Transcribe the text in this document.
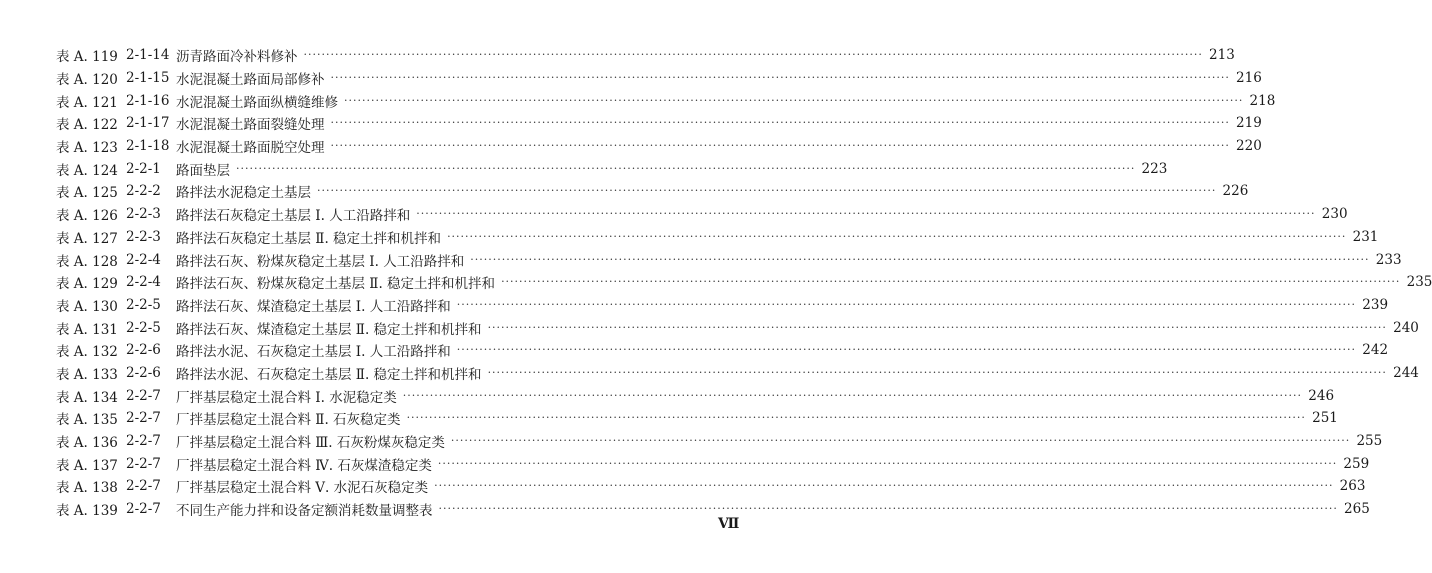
表 A. 119 2-1-14 沥青路面冷补料修补 ········································································································································································································ 213
表 A. 120 2-1-15 水泥混凝土路面局部修补 ········································································································································································································ 216
表 A. 121 2-1-16 水泥混凝土路面纵横缝维修 ········································································································································································································ 218
表 A. 122 2-1-17 水泥混凝土路面裂缝处理 ········································································································································································································ 219
表 A. 123 2-1-18 水泥混凝土路面脱空处理 ········································································································································································································ 220
表 A. 124 2-2-1	路面垫层 ········································································································································································································ 223
表 A. 125 2-2-2	路拌法水泥稳定土基层 ········································································································································································································ 226
表 A. 126 2-2-3	路拌法石灰稳定土基层 Ⅰ. 人工沿路拌和 ········································································································································································································ 230
表 A. 127 2-2-3	路拌法石灰稳定土基层 Ⅱ. 稳定土拌和机拌和 ········································································································································································································ 231
表 A. 128 2-2-4	路拌法石灰、粉煤灰稳定土基层 Ⅰ. 人工沿路拌和 ········································································································································································································ 233
表 A. 129 2-2-4	路拌法石灰、粉煤灰稳定土基层 Ⅱ. 稳定土拌和机拌和 ········································································································································································································ 235
表 A. 130 2-2-5	路拌法石灰、煤渣稳定土基层 Ⅰ. 人工沿路拌和 ········································································································································································································ 239
表 A. 131 2-2-5	路拌法石灰、煤渣稳定土基层 Ⅱ. 稳定土拌和机拌和 ········································································································································································································ 240
表 A. 132 2-2-6	路拌法水泥、石灰稳定土基层 Ⅰ. 人工沿路拌和 ········································································································································································································ 242
表 A. 133 2-2-6	路拌法水泥、石灰稳定土基层 Ⅱ. 稳定土拌和机拌和 ········································································································································································································ 244
表 A. 134 2-2-7	厂拌基层稳定土混合料 Ⅰ. 水泥稳定类 ········································································································································································································ 246
表 A. 135 2-2-7	厂拌基层稳定土混合料 Ⅱ. 石灰稳定类 ········································································································································································································ 251
表 A. 136 2-2-7	厂拌基层稳定土混合料 Ⅲ. 石灰粉煤灰稳定类 ········································································································································································································ 255
表 A. 137 2-2-7	厂拌基层稳定土混合料 Ⅳ. 石灰煤渣稳定类 ········································································································································································································ 259
表 A. 138 2-2-7	厂拌基层稳定土混合料 Ⅴ. 水泥石灰稳定类 ········································································································································································································ 263
表 A. 139 2-2-7	不同生产能力拌和设备定额消耗数量调整表 ········································································································································································································ 265
Ⅶ
